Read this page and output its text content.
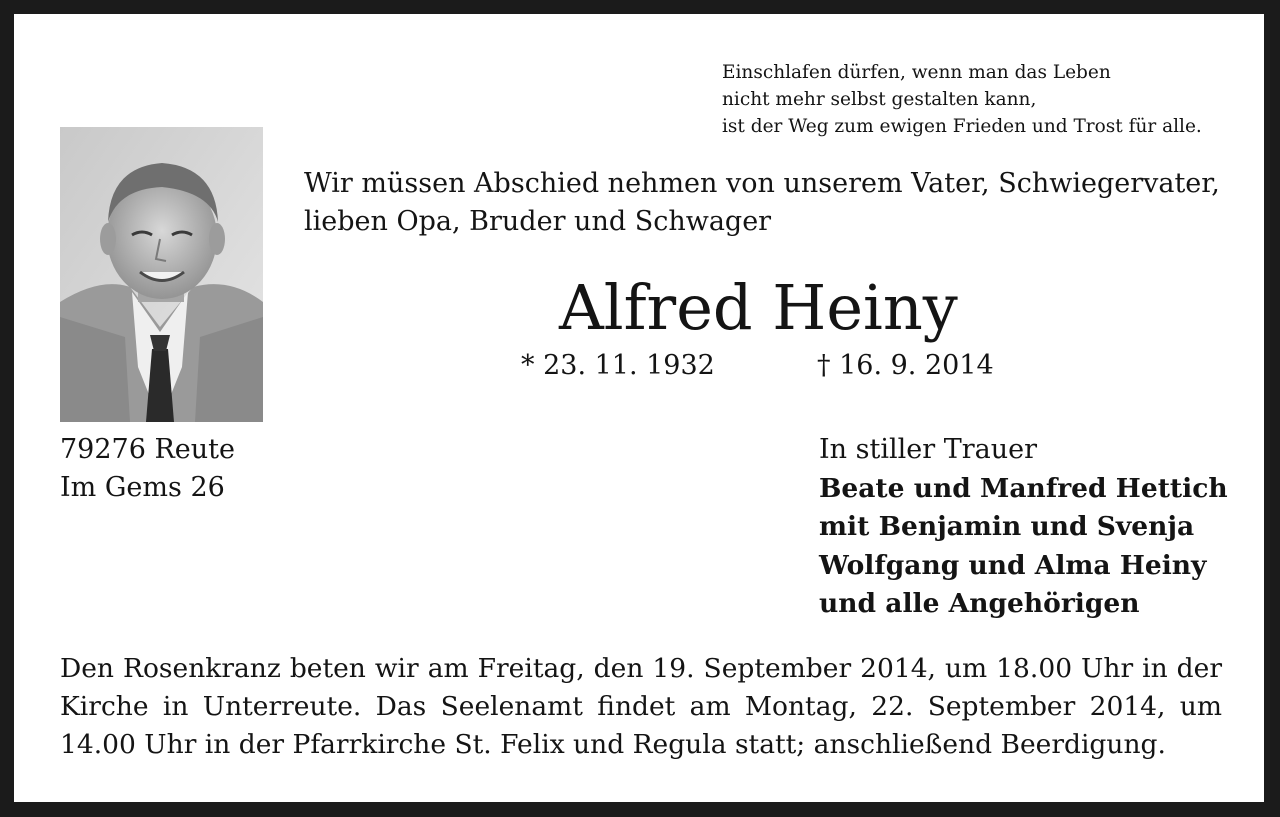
Einschlafen dürfen, wenn man das Leben
nicht mehr selbst gestalten kann,
ist der Weg zum ewigen Frieden und Trost für alle.
Wir müssen Abschied nehmen von unserem Vater, Schwiegervater,
lieben Opa, Bruder und Schwager
Alfred Heiny
* 23. 11. 1932	† 16. 9. 2014
79276 Reute
Im Gems 26
In stiller Trauer
Beate und Manfred Hettich
mit Benjamin und Svenja
Wolfgang und Alma Heiny
und alle Angehörigen
Den Rosenkranz beten wir am Freitag, den 19. September 2014, um 18.00 Uhr in der
Kirche in Unterreute. Das Seelenamt findet am Montag, 22. September 2014, um
14.00 Uhr in der Pfarrkirche St. Felix und Regula statt; anschließend Beerdigung.
